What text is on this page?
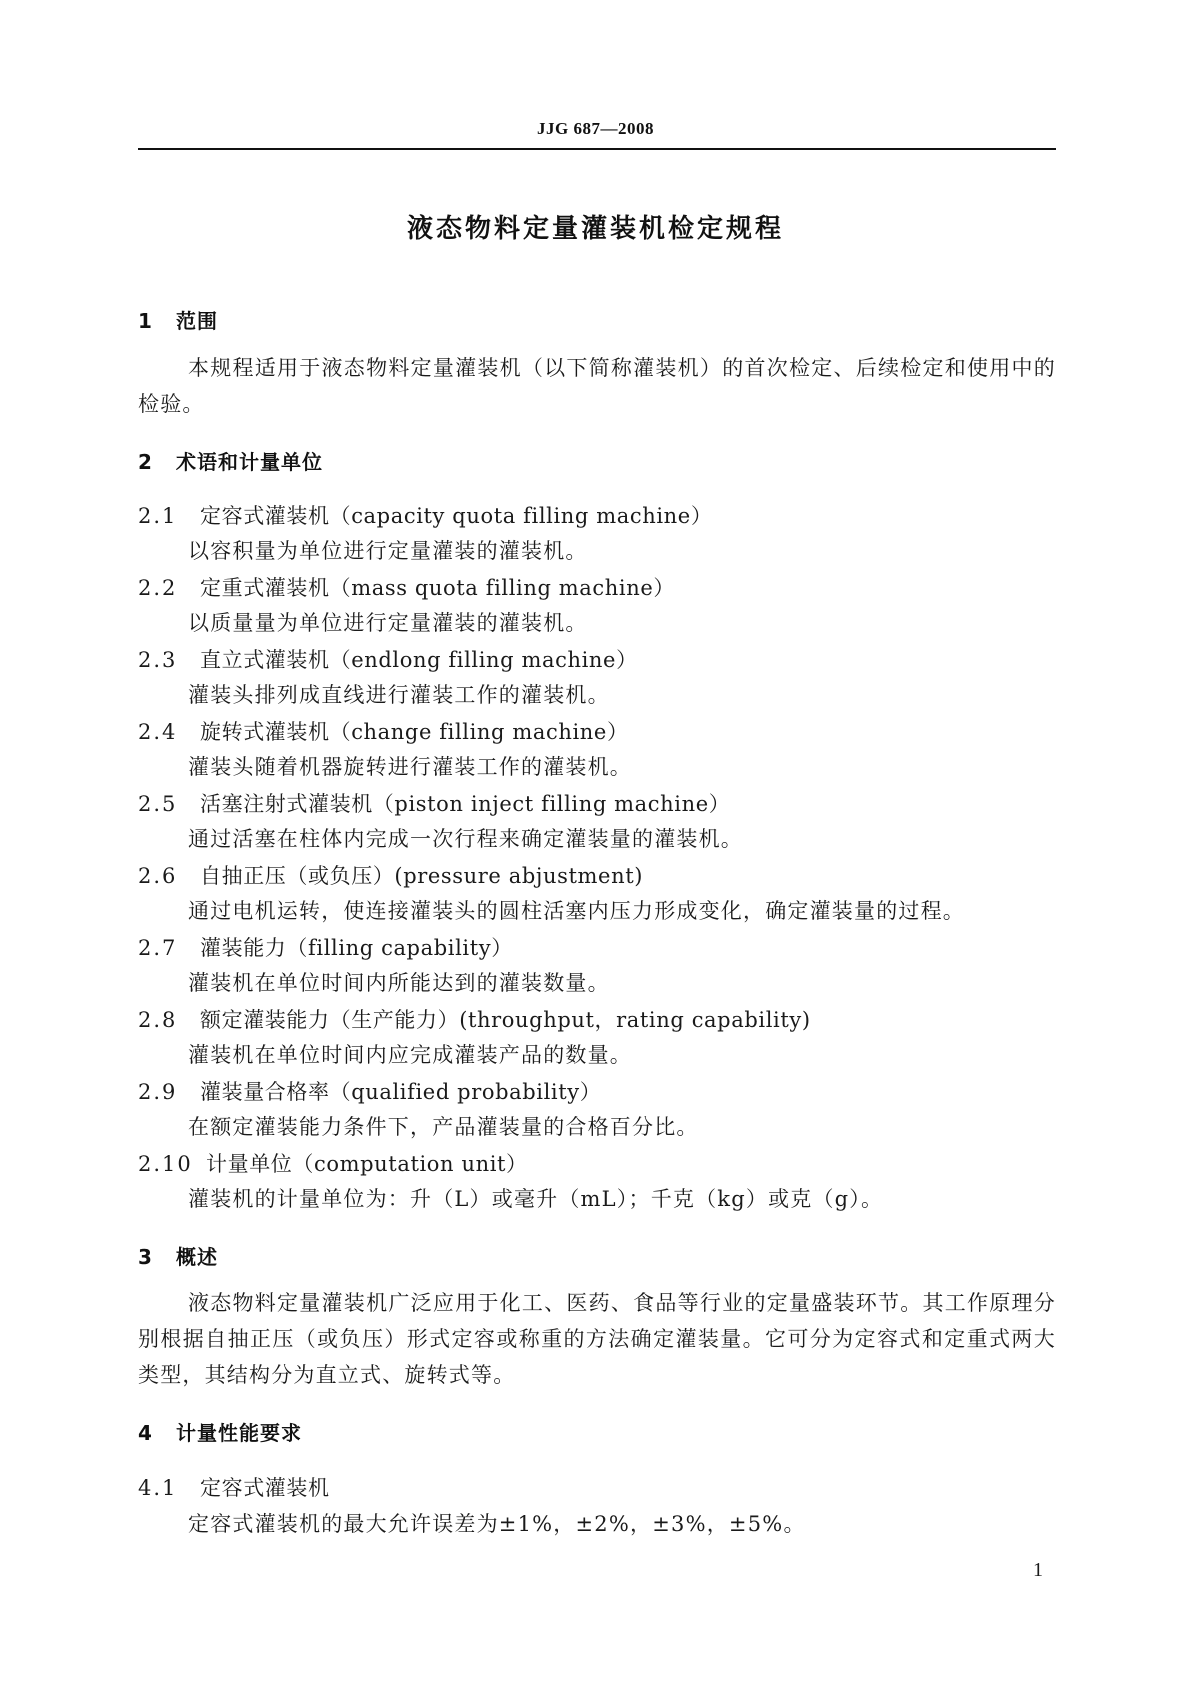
JJG 687—2008
液态物料定量灌装机检定规程
1 范围
本规程适用于液态物料定量灌装机（以下简称灌装机）的首次检定、后续检定和使用中的检验。
2 术语和计量单位
2.1 定容式灌装机（capacity quota filling machine）
以容积量为单位进行定量灌装的灌装机。
2.2 定重式灌装机（mass quota filling machine）
以质量量为单位进行定量灌装的灌装机。
2.3 直立式灌装机（endlong filling machine）
灌装头排列成直线进行灌装工作的灌装机。
2.4 旋转式灌装机（change filling machine）
灌装头随着机器旋转进行灌装工作的灌装机。
2.5 活塞注射式灌装机（piston inject filling machine）
通过活塞在柱体内完成一次行程来确定灌装量的灌装机。
2.6 自抽正压（或负压）(pressure abjustment)
通过电机运转，使连接灌装头的圆柱活塞内压力形成变化，确定灌装量的过程。
2.7 灌装能力（filling capability）
灌装机在单位时间内所能达到的灌装数量。
2.8 额定灌装能力（生产能力）(throughput，rating capability)
灌装机在单位时间内应完成灌装产品的数量。
2.9 灌装量合格率（qualified probability）
在额定灌装能力条件下，产品灌装量的合格百分比。
2.10 计量单位（computation unit）
灌装机的计量单位为：升（L）或毫升（mL）；千克（kg）或克（g）。
3 概述
液态物料定量灌装机广泛应用于化工、医药、食品等行业的定量盛装环节。其工作原理分别根据自抽正压（或负压）形式定容或称重的方法确定灌装量。它可分为定容式和定重式两大类型，其结构分为直立式、旋转式等。
4 计量性能要求
4.1 定容式灌装机
定容式灌装机的最大允许误差为±1%，±2%，±3%，±5%。
1
